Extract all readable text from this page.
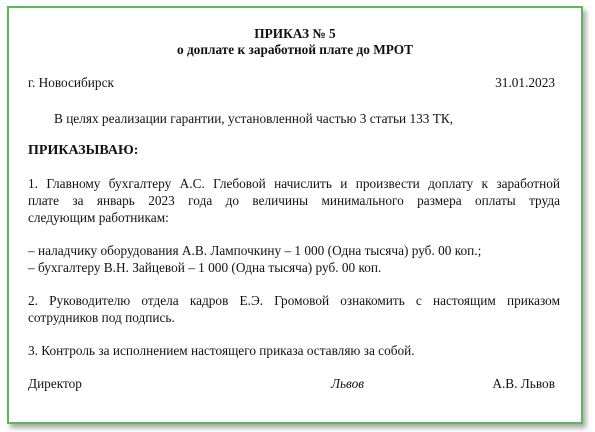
ПРИКАЗ № 5
о доплате к заработной плате до МРОТ
г. Новосибирск	31.01.2023
В целях реализации гарантии, установленной частью 3 статьи 133 ТК,
ПРИКАЗЫВАЮ:
1. Главному бухгалтеру А.С. Глебовой начислить и произвести доплату к заработной
плате за январь 2023 года до величины минимального размера оплаты труда
следующим работникам:
– наладчику оборудования А.В. Лампочкину – 1 000 (Одна тысяча) руб. 00 коп.;
– бухгалтеру В.Н. Зайцевой – 1 000 (Одна тысяча) руб. 00 коп.
2. Руководителю отдела кадров Е.Э. Громовой ознакомить с настоящим приказом
сотрудников под подпись.
3. Контроль за исполнением настоящего приказа оставляю за собой.
Директор	Львов	А.В. Львов
